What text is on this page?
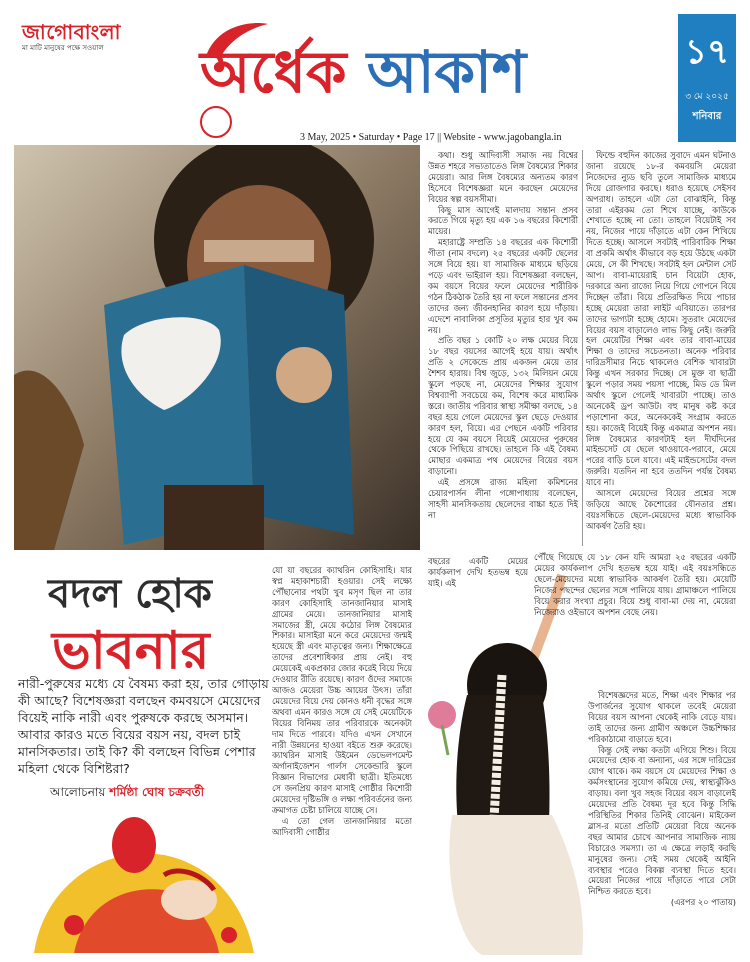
জাগোবাংলা
মা মাটি মানুষের পক্ষে সওয়াল অর্ধেক আকাশ
3 May, 2025 • Saturday • Page 17 || Website - www.jagobangla.in
১৭
৩ মে ২০২৫
শনিবার

কথা। শুধু আদিবাসী সমাজ নয় বিশ্বের উন্নত শহরে সভ্যতাতেও লিঙ্গ বৈষম্যের শিকার মেয়েরা। আর লিঙ্গ বৈষম্যের অন্যতম কারণ হিসেবে বিশেষজ্ঞরা মনে করছেন মেয়েদের বিয়ের স্বল্প বয়সসীমা।

কিছু মাস আগেই মালদায় সন্তান প্রসব করতে গিয়ে মৃত্যু হয় এক ১৬ বছরের কিশোরী মায়ের।

মহারাষ্ট্রে সম্প্রতি ১৪ বছরের এক কিশোরী গীতা (নাম বদলে) ২৫ বছরের একটি ছেলের সঙ্গে বিয়ে হয়। যা সামাজিক মাধ্যমে ছড়িয়ে পড়ে এবং ভাইরাল হয়। বিশেষজ্ঞরা বলছেন, কম বয়সে বিয়ের ফলে মেয়েদের শারীরিক গঠন ঠিকঠাক তৈরি হয় না ফলে সন্তানের প্রসব তাদের জন্য জীবনহানির কারণ হয়ে দাঁড়ায়। এদেশে নাবালিকা প্রসূতির মৃত্যুর হার খুব কম নয়।

প্রতি বছর ১ কোটি ২০ লক্ষ মেয়ের বিয়ে ১৮ বছর বয়সের আগেই হয়ে যায়। অর্থাৎ প্রতি ২ সেকেন্ডে প্রায় একজন মেয়ে তার শৈশব হারায়। বিশ্ব জুড়ে, ১৩২ মিলিয়ন মেয়ে স্কুলে পড়ছে না, মেয়েদের শিক্ষার সুযোগ বিশ্বব্যাপী সবচেয়ে কম, বিশেষ করে মাধ্যমিক স্তরে। জাতীয় পরিবার স্বাস্থ্য সমীক্ষা বলছে, ১৪ বছর হয়ে গেলে মেয়েদের স্কুল ছেড়ে দেওয়ার কারণ হল, বিয়ে। এর পেছনে একটি পরিবার হয়ে যে কম বয়সে বিয়েই মেয়েদের পুরুষের থেকে পিছিয়ে রাখছে। তাহলে কি এই বৈষম্য মোছার একমাত্র পথ মেয়েদের বিয়ের বয়স বাড়ানো।

এই প্রসঙ্গে রাজ্য মহিলা কমিশনের চেয়ারপার্সন লীনা গঙ্গোপাধ্যায় বলেছেন, সাহসী মানসিকতায় ছেলেদের বাচ্চা হতে দিই না

ফিল্ডে বহুদিন কাজের সুবাদে এমন ঘটনাও জানা রয়েছে ১৮-র কমবয়সি মেয়েরা নিজেদের ন্যুড ছবি তুলে সামাজিক মাধ্যমে দিয়ে রোজগার করছে। ধরাও হয়েছে সেইসব অপরাধ। তাহলে এটা তো বোঝাইনি, কিন্তু তারা এইরকম তো শিখে যাচ্ছে, কাউকে শেখাতে হচ্ছে না তো। তাহলে বিয়েটাই সব নয়, নিজের পায়ে দাঁড়াতে এটা কেন শিখিয়ে দিতে হচ্ছে। আসলে সবটাই পারিবারিক শিক্ষা বা প্রকমি অর্থাৎ কীভাবে বড় হয়ে উঠছে একটা মেয়ে, সে কী শিখছে। সবটাই হল মেন্টাল সেট আপ। বাবা-মায়েরাই চান বিয়েটা হোক, দরকারে অন্য রাজ্যে নিয়ে গিয়ে গোপনে বিয়ে দিচ্ছেন তাঁরা। বিয়ে প্রতিরক্ষিত দিয়ে পাচার হচ্ছে মেয়েরা তারা লাইট এবিয়াতে। তারপর তাদের ভাগ্যটা হচ্ছে হোমে। সুতরাং মেয়েদের বিয়ের বয়স বাড়ালেও লাভ কিছু নেই। জরুরি হল মেয়েটির শিক্ষা এবং তার বাবা-মায়ের শিক্ষা ও তাদের সচেতনতা। অনেক পরিবার দারিদ্রসীমার নিচে থাকলেও বেশিক খাবারটা কিন্তু এখন সরকার দিচ্ছে। সে মুক্ত বা ছাত্রী স্কুলে পড়ার সময় পয়সা পাচ্ছে, মিড ডে মিল অর্থাৎ স্কুলে গেলেই খাবারটা পাচ্ছে। তাও অনেকেই ড্রপ আউট। বহু মানুষ কষ্ট করে পড়াশোনা করে, অনেককেই সংগ্রাম করতে হয়। কাজেই বিয়েই কিন্তু একমাত্র অপশন নয়। লিঙ্গ বৈষম্যের কারণটাই হল দীর্ঘদিনের মাইন্ডসেট যে ছেলে থাওয়াবে-পরাবে, মেয়ে পরের বাড়ি চলে যাবে। এই মাইন্ডসেটের বদল জরুরি। যতদিন না হবে ততদিন পর্যন্ত বৈষম্য যাবে না।

আসলে মেয়েদের বিয়ের প্রশ্নের সঙ্গে জড়িয়ে আছে কৈশোরের যৌনতার প্রশ্ন। বয়ঃসন্ধিতে ছেলে-মেয়েদের মধ্যে স্বাভাবিক আকর্ষণ তৈরি হয়।

বদল হোক
ভাবনার
নারী-পুরুষের মধ্যে যে বৈষম্য করা হয়, তার গোড়ায় কী আছে? বিশেষজ্ঞরা বলছেন কমবয়সে মেয়েদের বিয়েই নাকি নারী এবং পুরুষকে করছে অসমান। আবার কারও মতে বিয়ের বয়স নয়, বদল চাই মানসিকতার। তাই কি? কী বলছেন বিভিন্ন পেশার মহিলা থেকে বিশিষ্টরা?
আলোচনায় শর্মিষ্ঠা ঘোষ চক্রবর্তী

যো যা বছরের ক্যাথরিন কোহিসাহি। যার স্বপ্ন মহাকাশচারী হওয়ার। সেই লক্ষ্যে পৌঁছানোর পথটা খুব মসৃণ ছিল না তার কারণ কোহিসাহি তানজানিয়ার মাসাই গ্রামের মেয়ে। তানজানিয়ার মাসাই সমাজের স্ত্রী, মেয়ে কঠোর লিঙ্গ বৈষম্যের শিকার। মাসাইরা মনে করে মেয়েদের জন্মই হয়েছে স্ত্রী এবং মাতৃত্বের জন্য। শিক্ষাক্ষেত্রে তাদের প্রবেশাধিকার প্রায় নেই। বহু মেয়েকেই একপ্রকার জোর করেই বিয়ে দিয়ে দেওয়ার রীতি রয়েছে। কারণ ওঁদের সমাজে আজও মেয়েরা উচ্চ আয়ের উৎস। তাঁরা মেয়েদের বিয়ে দেয় কোনও ধনী বৃদ্ধের সঙ্গে অথবা এমন কারও সঙ্গে যে সেই মেয়েটিকে বিয়ের বিনিময় তার পরিবারকে অনেকটা দাম দিতে পারবে। যদিও এখন সেখানে নারী উন্নয়নের হাওয়া বইতে শুরু করেছে। ক্যাথরিন মাসাই উইমেন ডেভেলপমেন্ট অর্গানাইজেশন গার্লস সেকেন্ডারি স্কুলে বিজ্ঞান বিভাগের মেধাবী ছাত্রী। ইতিমধ্যে সে জনপ্রিয় কারণ মাসাই গোষ্ঠীর কিশোরী মেয়েদের দৃষ্টিভঙ্গি ও লক্ষ্য পরিবর্তনের জন্য ক্রমাগত চেষ্টা চালিয়ে যাচ্ছে সে।

এ তো গেল তানজানিয়ার মতো আদিবাসী গোষ্ঠীর

পৌঁছে গিয়েছে যে ১৮ কেন যদি আমরা ২৫ বছরের একটি মেয়ের কার্যকলাপ দেখি হতভম্ব হয়ে যাই। এই বয়ঃসন্ধিতে ছেলে-মেয়েদের মধ্যে স্বাভাবিক আকর্ষণ তৈরি হয়। মেয়েটি নিজের পছন্দের ছেলের সঙ্গে পালিয়ে যায়। গ্রামাঞ্চলে পালিয়ে বিয়ে করার সংখ্যা প্রচুর। বিয়ে শুধু বাবা-মা দেয় না, মেয়েরা নিজেরাও ওইভাবে অপশন বেছে নেয়।

বিশেষজ্ঞদের মতে, শিক্ষা এবং শিক্ষার পর উপার্জনের সুযোগ থাকলে তবেই মেয়েরা বিয়ের বয়স আপনা থেকেই নাকি বেড়ে যায়। তাই তাদের জন্য গ্রামীণ অঞ্চলে উচ্চশিক্ষার পরিকাঠামো বাড়াতে হবে।

কিন্তু সেই লক্ষ্য কতটা এগিয়ে শিশু। বিয়ে মেয়েদের হোক বা অন্যান্য, এর সঙ্গে দারিদ্রের যোগ থাকে। কম বয়সে যে মেয়েদের শিক্ষা ও কর্মসংস্থানের সুযোগ কমিয়ে দেয়, স্বাস্থ্যঝুঁকিও বাড়ায়। বলা খুব সহজ বিয়ের বয়স বাড়ালেই মেয়েদের প্রতি বৈষম্য দূর হবে কিন্তু সিদ্ধি পরিস্থিতির শিকার তিনিই বোঝেন। মাইকেল ব্লাস-র মতো প্রতিটি মেয়েরা বিয়ে অনেক বছর আমার চোখে আপনার সামাজিক ন্যায় বিচারেও সমস্যা। তা এ ক্ষেত্রে লড়াই করছি মানুষের জন্য। সেই সময় থেকেই আইনি ব্যবস্থার পরেও বিকল্প ব্যবস্থা দিতে হবে। মেয়েরা নিজের পায়ে দাঁড়াতে পারে সেটা নিশ্চিত করতে হবে।

(এরপর ২০ পাতায়)

বছরের একটি মেয়ের কার্যকলাপ দেখি হতভম্ব হয়ে যাই। এই
